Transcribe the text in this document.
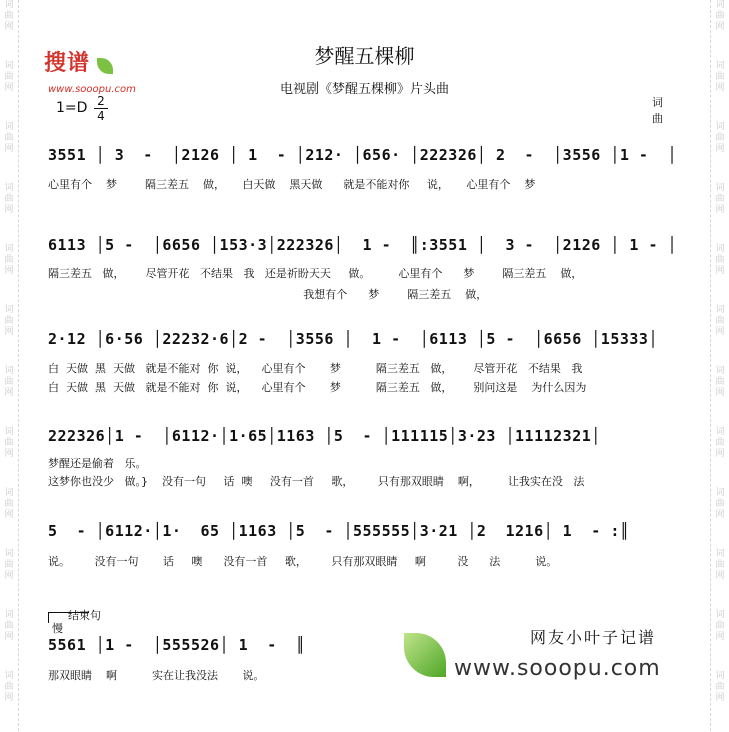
词
曲
网
词
曲
网
词
曲
网
词
曲
网
词
曲
网
词
曲
网
词
曲
网
词
曲
网
词
曲
网
词
曲
网
词
曲
网
词
曲
网
词
曲
网
词
曲
网
词
曲
网
词
曲
网
词
曲
网
词
曲
网
词
曲
网
词
曲
网
词
曲
网
词
曲
网
词
曲
网
词
曲
网
搜谱
www.sooopu.com
梦醒五棵柳
电视剧《梦醒五棵柳》片头曲
词
曲
1=D 2
4
3551 │ 3  -  │2126 │ 1  - │212· │656· │222326│ 2  -  │3556 │1 -  │
心里有个    梦        隔三差五    做，     白天做    黑天做      就是不能对你     说，     心里有个    梦
6113 │5 -  │6656 │153·3│222326│  1 -  ║:3551 │  3 -  │2126 │ 1 - │
隔三差五   做，      尽管开花   不结果   我   还是祈盼天天     做。        心里有个      梦        隔三差五    做，
我想有个      梦        隔三差五    做，
2·12 │6·56 │22232·6│2 -  │3556 │  1 -  │6113 │5 -  │6656 │15333│
白  天做  黑  天做   就是不能对  你  说，    心里有个       梦          隔三差五   做，      尽管开花   不结果   我
白  天做  黑  天做   就是不能对  你  说，    心里有个       梦          隔三差五   做，      别问这是    为什么因为
222326│1 -  │6112·│1·65│1163 │5  - │111115│3·23 │11112321│
梦醒还是偷着   乐。
这梦你也没少   做。}    没有一句     话  噢     没有一首     歌，       只有那双眼睛    啊，        让我实在没   法
5  - │6112·│1·  65 │1163 │5  - │555555│3·21 │2  1216│ 1  - :║
说。       没有一句       话     噢      没有一首     歌，       只有那双眼睛     啊         没      法          说。
结束句
慢
5561 │1 -  │555526│ 1  -  ║
那双眼睛    啊          实在让我没法       说。
网友小叶子记谱
www.sooopu.com
